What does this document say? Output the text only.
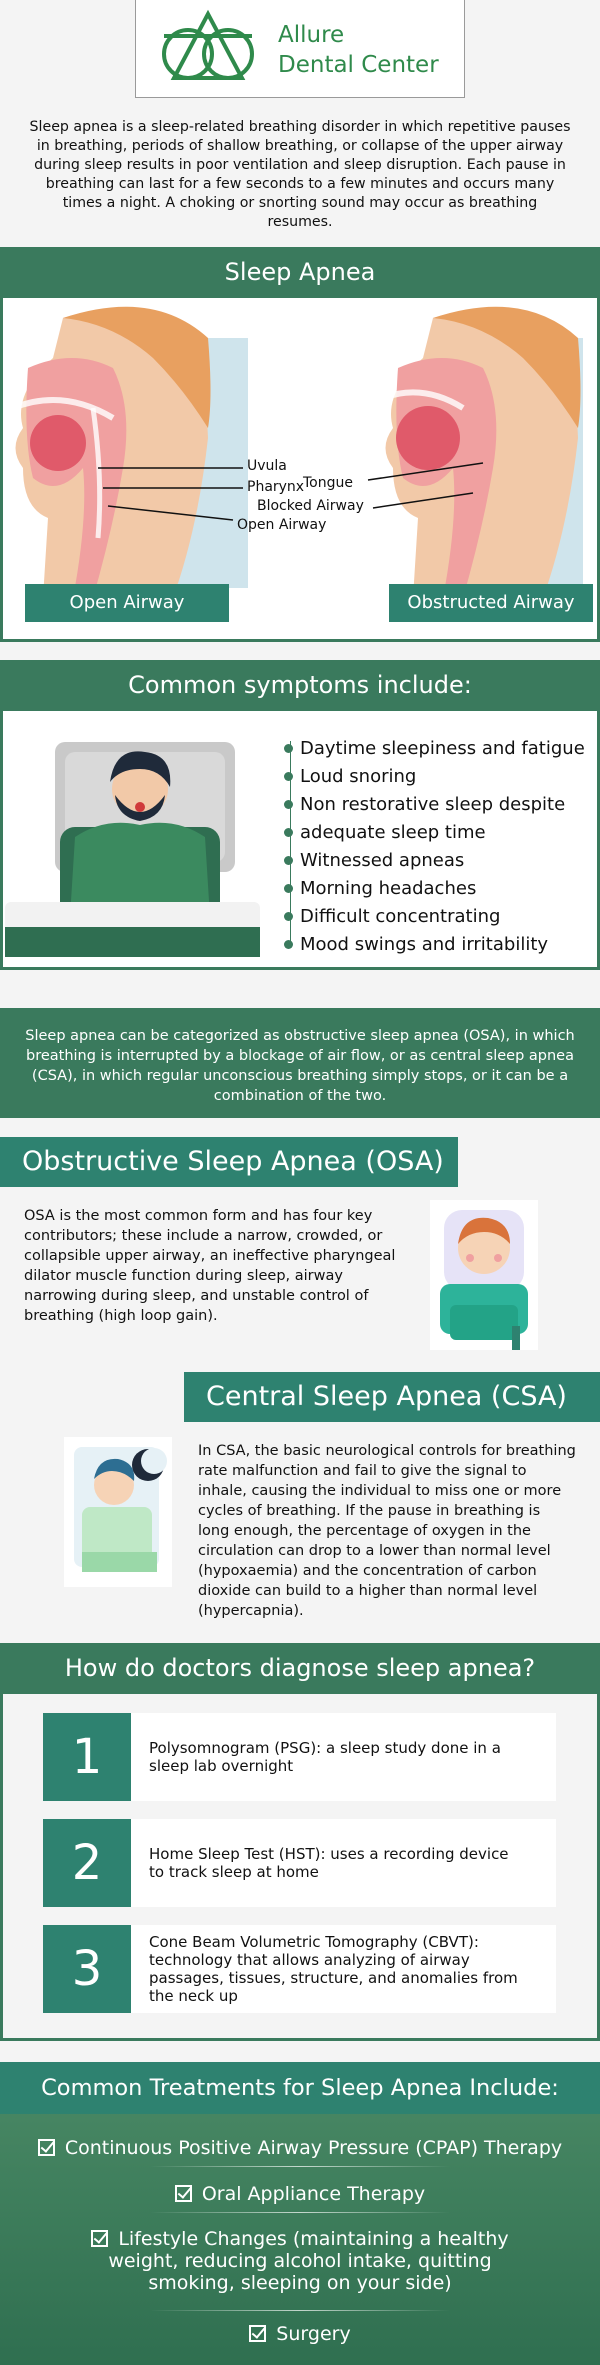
Allure
Dental Center
Sleep apnea is a sleep-related breathing disorder in which repetitive pauses in breathing, periods of shallow breathing, or collapse of the upper airway during sleep results in poor ventilation and sleep disruption. Each pause in breathing can last for a few seconds to a few minutes and occurs many times a night. A choking or snorting sound may occur as breathing resumes.
Sleep Apnea
Uvula
Tongue
Pharynx
Blocked Airway
Open Airway
Open Airway	Obstructed Airway
Common symptoms include:
Daytime sleepiness and fatigue
Loud snoring
Non restorative sleep despite
adequate sleep time
Witnessed apneas
Morning headaches
Difficult concentrating
Mood swings and irritability
Sleep apnea can be categorized as obstructive sleep apnea (OSA), in which breathing is interrupted by a blockage of air flow, or as central sleep apnea (CSA), in which regular unconscious breathing simply stops, or it can be a combination of the two.
Obstructive Sleep Apnea (OSA)
OSA is the most common form and has four key contributors; these include a narrow, crowded, or collapsible upper airway, an ineffective pharyngeal dilator muscle function during sleep, airway narrowing during sleep, and unstable control of breathing (high loop gain).
Central Sleep Apnea (CSA)
In CSA, the basic neurological controls for breathing rate malfunction and fail to give the signal to inhale, causing the individual to miss one or more cycles of breathing. If the pause in breathing is long enough, the percentage of oxygen in the circulation can drop to a lower than normal level (hypoxaemia) and the concentration of carbon dioxide can build to a higher than normal level (hypercapnia).
How do doctors diagnose sleep apnea?
1	Polysomnogram (PSG): a sleep study done in a sleep lab overnight
2	Home Sleep Test (HST): uses a recording device to track sleep at home
3	Cone Beam Volumetric Tomography (CBVT): technology that allows analyzing of airway passages, tissues, structure, and anomalies from the neck up
Common Treatments for Sleep Apnea Include:
Continuous Positive Airway Pressure (CPAP) Therapy
Oral Appliance Therapy
Lifestyle Changes (maintaining a healthy weight, reducing alcohol intake, quitting smoking, sleeping on your side)
Surgery
